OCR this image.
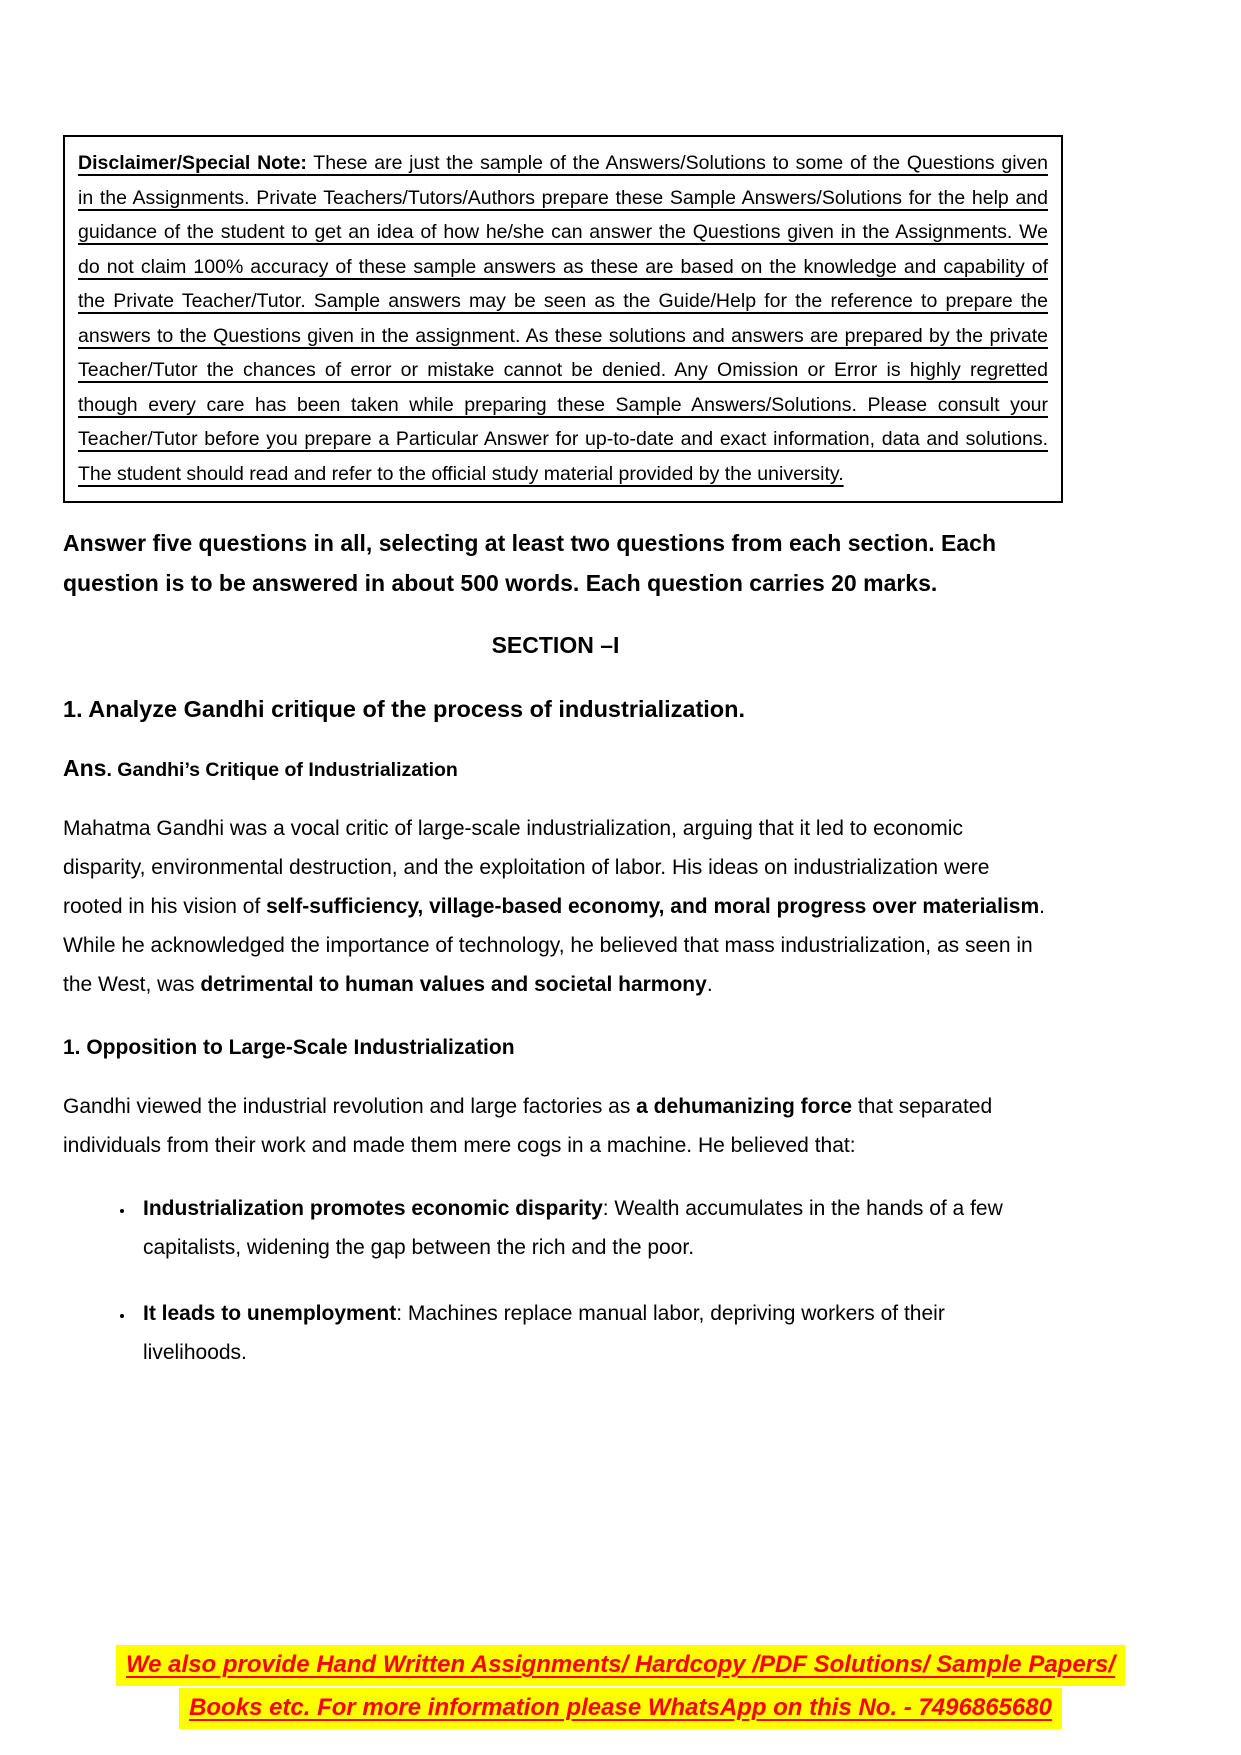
Disclaimer/Special Note: These are just the sample of the Answers/Solutions to some of the Questions given in the Assignments. Private Teachers/Tutors/Authors prepare these Sample Answers/Solutions for the help and guidance of the student to get an idea of how he/she can answer the Questions given in the Assignments. We do not claim 100% accuracy of these sample answers as these are based on the knowledge and capability of the Private Teacher/Tutor. Sample answers may be seen as the Guide/Help for the reference to prepare the answers to the Questions given in the assignment. As these solutions and answers are prepared by the private Teacher/Tutor the chances of error or mistake cannot be denied. Any Omission or Error is highly regretted though every care has been taken while preparing these Sample Answers/Solutions. Please consult your Teacher/Tutor before you prepare a Particular Answer for up-to-date and exact information, data and solutions. The student should read and refer to the official study material provided by the university.

Answer five questions in all, selecting at least two questions from each section. Each question is to be answered in about 500 words. Each question carries 20 marks.

SECTION –I
1. Analyze Gandhi critique of the process of industrialization.
Ans. Gandhi’s Critique of Industrialization

Mahatma Gandhi was a vocal critic of large-scale industrialization, arguing that it led to economic disparity, environmental destruction, and the exploitation of labor. His ideas on industrialization were rooted in his vision of self-sufficiency, village-based economy, and moral progress over materialism. While he acknowledged the importance of technology, he believed that mass industrialization, as seen in the West, was detrimental to human values and societal harmony.

1. Opposition to Large-Scale Industrialization

Gandhi viewed the industrial revolution and large factories as a dehumanizing force that separated individuals from their work and made them mere cogs in a machine. He believed that:

• Industrialization promotes economic disparity: Wealth accumulates in the hands of a few capitalists, widening the gap between the rich and the poor.
• It leads to unemployment: Machines replace manual labor, depriving workers of their livelihoods.
We also provide Hand Written Assignments/ Hardcopy /PDF Solutions/ Sample Papers/
Books etc. For more information please WhatsApp on this No. - 7496865680
